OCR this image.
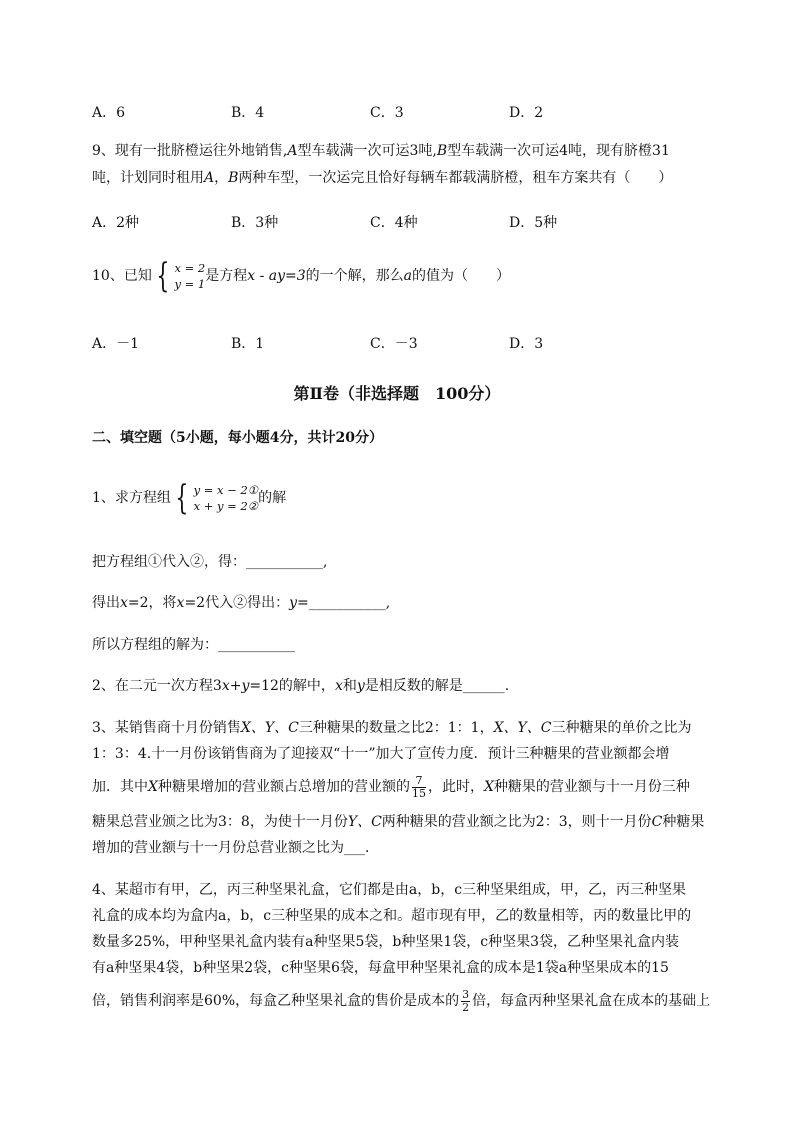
A．6	B．4	C．3	D．2
9、现有一批脐橙运往外地销售,A型车载满一次可运3吨,B型车载满一次可运4吨，现有脐橙31
吨，计划同时租用A，B两种车型，一次运完且恰好每辆车都载满脐橙，租车方案共有（　　）
A．2种	B．3种	C．4种	D．5种
10、已知 { x = 2
y = 1 是方程x - ay=3的一个解，那么a的值为（　　）
A．－1	B．1	C．－3	D．3
第Ⅱ卷（非选择题　100分）
二、填空题（5小题，每小题4分，共计20分）
1、求方程组 { y = x − 2①
x + y = 2② 的解
把方程组①代入②，得：___________,
得出x=2，将x=2代入②得出：y=___________,
所以方程组的解为：___________
2、在二元一次方程3x+y=12的解中，x和y是相反数的解是______.
3、某销售商十月份销售X、Y、C三种糖果的数量之比2：1：1，X、Y、C三种糖果的单价之比为
1：3：4.十一月份该销售商为了迎接双“十一”加大了宣传力度．预计三种糖果的营业额都会增
加．其中X种糖果增加的营业额占总增加的营业额的 $\frac{7}{15}$ ，此时，X种糖果的营业额与十一月份三种
糖果总营业颁之比为3：8，为使十一月份Y、C两种糖果的营业额之比为2：3，则十一月份C种糖果
增加的营业额与十一月份总营业额之比为___．
4、某超市有甲，乙，丙三种坚果礼盒，它们都是由a，b，c三种坚果组成，甲，乙，丙三种坚果
礼盒的成本均为盒内a，b，c三种坚果的成本之和。超市现有甲，乙的数量相等，丙的数量比甲的
数量多25%，甲种坚果礼盒内装有a种坚果5袋，b种坚果1袋，c种坚果3袋，乙种坚果礼盒内装
有a种坚果4袋，b种坚果2袋，c种坚果6袋，每盒甲种坚果礼盒的成本是1袋a种坚果成本的15
倍，销售利润率是60%，每盒乙种坚果礼盒的售价是成本的 $\frac{3}{2}$ 倍，每盒丙种坚果礼盒在成本的基础上
